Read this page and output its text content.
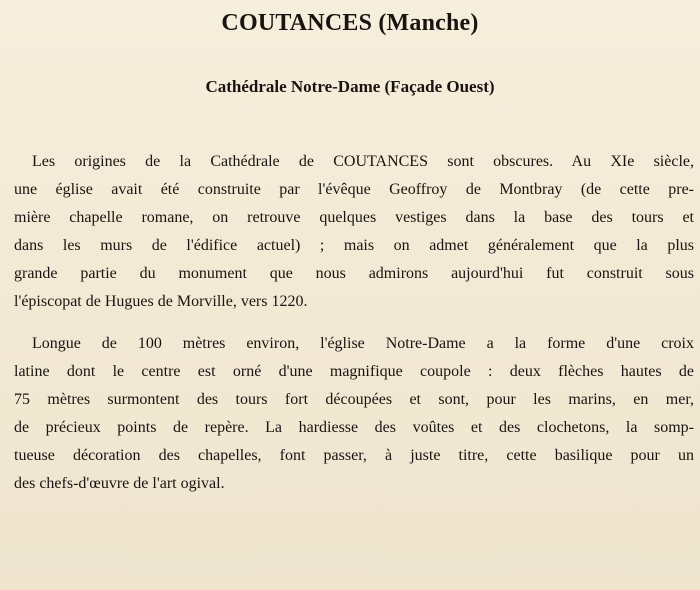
COUTANCES (Manche)
Cathédrale Notre-Dame (Façade Ouest)
Les origines de la Cathédrale de COUTANCES sont obscures. Au XIe siècle,
une église avait été construite par l'évêque Geoffroy de Montbray (de cette pre-
mière chapelle romane, on retrouve quelques vestiges dans la base des tours et
dans les murs de l'édifice actuel) ; mais on admet généralement que la plus
grande partie du monument que nous admirons aujourd'hui fut construit sous
l'épiscopat de Hugues de Morville, vers 1220.
Longue de 100 mètres environ, l'église Notre-Dame a la forme d'une croix
latine dont le centre est orné d'une magnifique coupole : deux flèches hautes de
75 mètres surmontent des tours fort découpées et sont, pour les marins, en mer,
de précieux points de repère. La hardiesse des voûtes et des clochetons, la somp-
tueuse décoration des chapelles, font passer, à juste titre, cette basilique pour un
des chefs-d'œuvre de l'art ogival.
